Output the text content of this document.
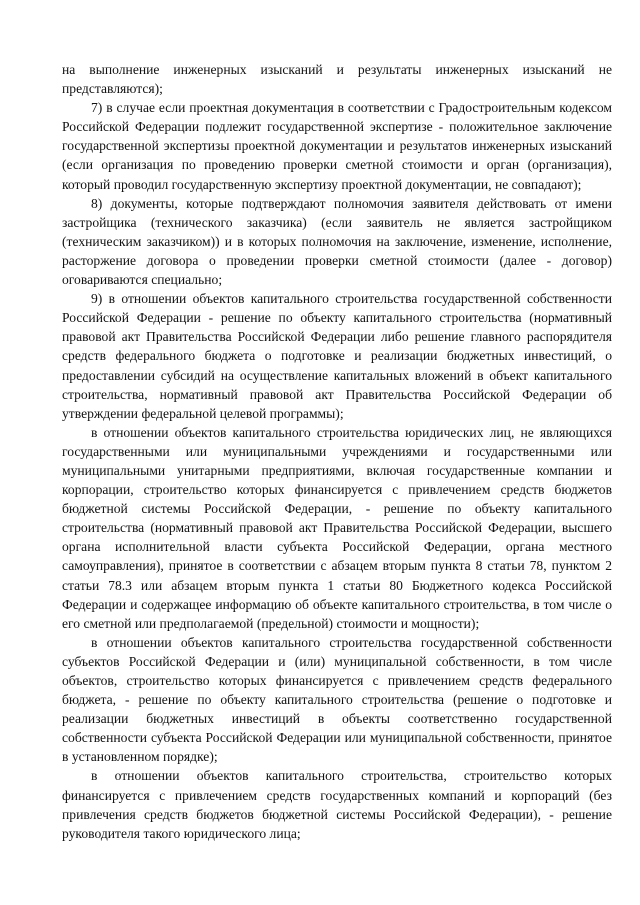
на выполнение инженерных изысканий и результаты инженерных изысканий не представляются);

7) в случае если проектная документация в соответствии с Градостроительным кодексом Российской Федерации подлежит государственной экспертизе - положительное заключение государственной экспертизы проектной документации и результатов инженерных изысканий (если организация по проведению проверки сметной стоимости и орган (организация), который проводил государственную экспертизу проектной документации, не совпадают);

8) документы, которые подтверждают полномочия заявителя действовать от имени застройщика (технического заказчика) (если заявитель не является застройщиком (техническим заказчиком)) и в которых полномочия на заключение, изменение, исполнение, расторжение договора о проведении проверки сметной стоимости (далее - договор) оговариваются специально;

9) в отношении объектов капитального строительства государственной собственности Российской Федерации - решение по объекту капитального строительства (нормативный правовой акт Правительства Российской Федерации либо решение главного распорядителя средств федерального бюджета о подготовке и реализации бюджетных инвестиций, о предоставлении субсидий на осуществление капитальных вложений в объект капитального строительства, нормативный правовой акт Правительства Российской Федерации об утверждении федеральной целевой программы);

в отношении объектов капитального строительства юридических лиц, не являющихся государственными или муниципальными учреждениями и государственными или муниципальными унитарными предприятиями, включая государственные компании и корпорации, строительство которых финансируется с привлечением средств бюджетов бюджетной системы Российской Федерации, - решение по объекту капитального строительства (нормативный правовой акт Правительства Российской Федерации, высшего органа исполнительной власти субъекта Российской Федерации, органа местного самоуправления), принятое в соответствии с абзацем вторым пункта 8 статьи 78, пунктом 2 статьи 78.3 или абзацем вторым пункта 1 статьи 80 Бюджетного кодекса Российской Федерации и содержащее информацию об объекте капитального строительства, в том числе о его сметной или предполагаемой (предельной) стоимости и мощности);

в отношении объектов капитального строительства государственной собственности субъектов Российской Федерации и (или) муниципальной собственности, в том числе объектов, строительство которых финансируется с привлечением средств федерального бюджета, - решение по объекту капитального строительства (решение о подготовке и реализации бюджетных инвестиций в объекты соответственно государственной собственности субъекта Российской Федерации или муниципальной собственности, принятое в установленном порядке);

в отношении объектов капитального строительства, строительство которых финансируется с привлечением средств государственных компаний и корпораций (без привлечения средств бюджетов бюджетной системы Российской Федерации), - решение руководителя такого юридического лица;
